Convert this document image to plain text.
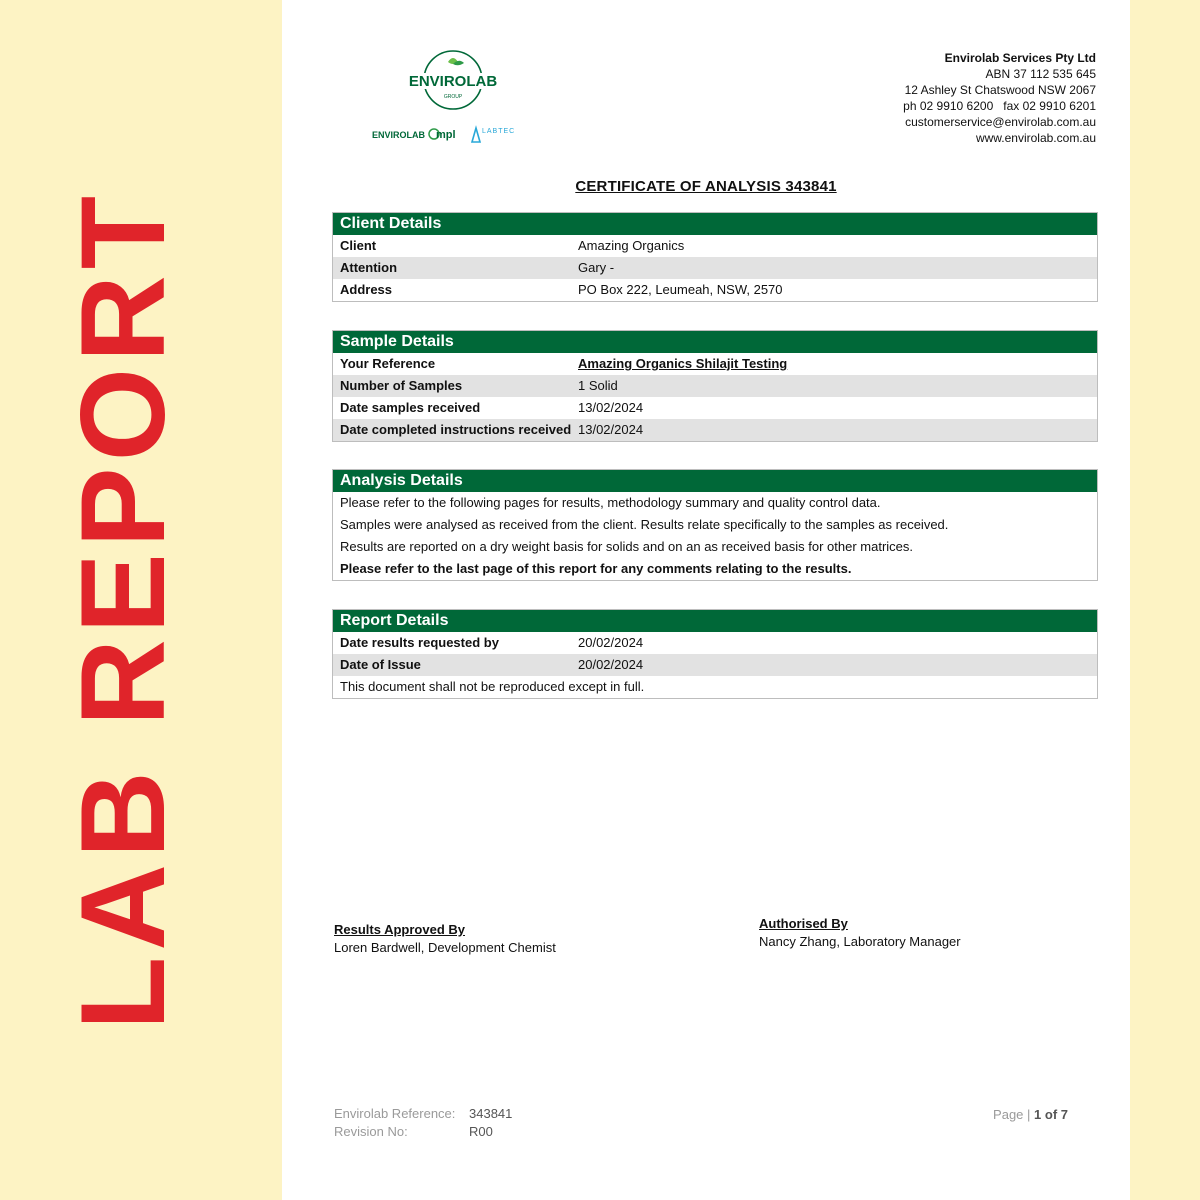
LAB REPORT
ENVIROLAB
GROUP
ENVIROLAB mpl	LABTEC
Envirolab Services Pty Ltd
ABN 37 112 535 645
12 Ashley St Chatswood NSW 2067
ph 02 9910 6200   fax 02 9910 6201
customerservice@envirolab.com.au
www.envirolab.com.au
CERTIFICATE OF ANALYSIS 343841
Client Details
Client	Amazing Organics
Attention	Gary -
Address	PO Box 222, Leumeah, NSW, 2570
Sample Details
Your Reference	Amazing Organics Shilajit Testing
Number of Samples	1 Solid
Date samples received	13/02/2024
Date completed instructions received 13/02/2024
Analysis Details
Please refer to the following pages for results, methodology summary and quality control data.
Samples were analysed as received from the client. Results relate specifically to the samples as received.
Results are reported on a dry weight basis for solids and on an as received basis for other matrices.
Please refer to the last page of this report for any comments relating to the results.
Report Details
Date results requested by	20/02/2024
Date of Issue	20/02/2024
This document shall not be reproduced except in full.
Results Approved By
Loren Bardwell, Development Chemist
Authorised By
Nancy Zhang, Laboratory Manager
Envirolab Reference: 343841
Revision No:	R00
Page | 1 of 7
